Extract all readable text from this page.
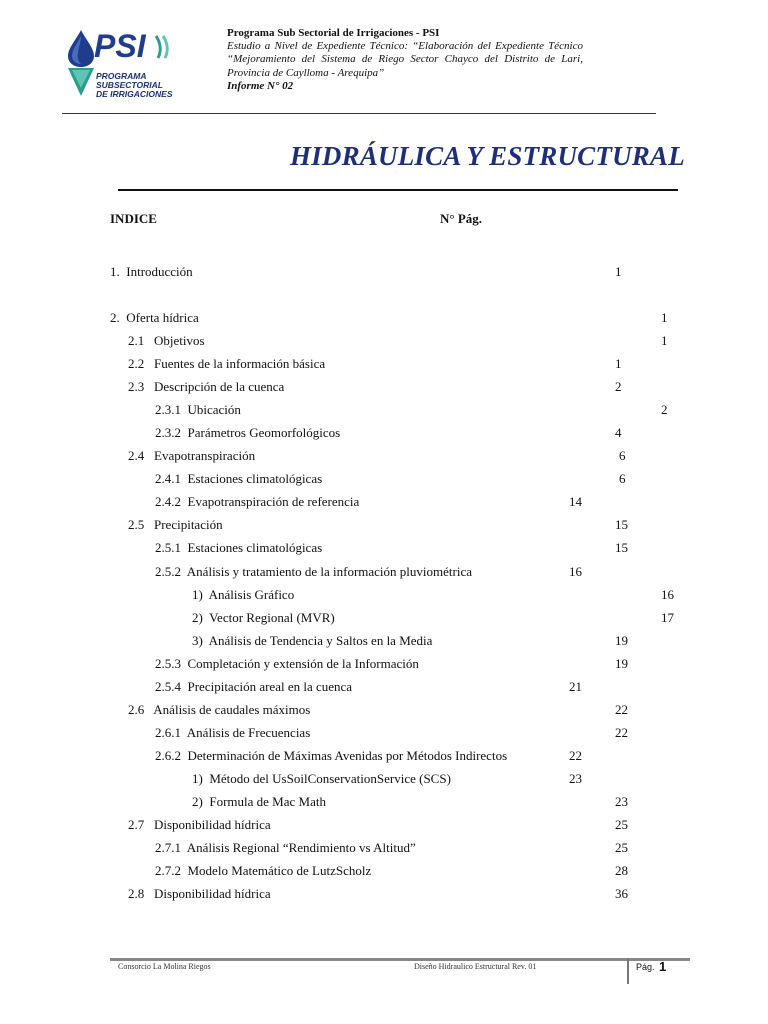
PSI
PROGRAMA
SUBSECTORIAL
DE IRRIGACIONES
Programa Sub Sectorial de Irrigaciones - PSI
Estudio a Nivel de Expediente Técnico: “Elaboración del Expediente Técnico “Mejoramiento del Sistema de Riego Sector Chayco del Distrito de Lari, Provincia de Caylloma - Arequipa”
Informe N° 02
HIDRÁULICA Y ESTRUCTURAL
INDICE	N° Pág.
1. Introducción	1
2. Oferta hídrica	1
2.1 Objetivos	1
2.2 Fuentes de la información básica	1
2.3 Descripción de la cuenca	2
2.3.1 Ubicación	2
2.3.2 Parámetros Geomorfológicos	4
2.4 Evapotranspiración	6
2.4.1 Estaciones climatológicas	6
2.4.2 Evapotranspiración de referencia	14
2.5 Precipitación	15
2.5.1 Estaciones climatológicas	15
2.5.2 Análisis y tratamiento de la información pluviométrica	16
1) Análisis Gráfico	16
2) Vector Regional (MVR)	17
3) Análisis de Tendencia y Saltos en la Media	19
2.5.3 Completación y extensión de la Información	19
2.5.4 Precipitación areal en la cuenca	21
2.6 Análisis de caudales máximos	22
2.6.1 Análisis de Frecuencias	22
2.6.2 Determinación de Máximas Avenidas por Métodos Indirectos	22
1) Método del UsSoilConservationService (SCS)	23
2) Formula de Mac Math	23
2.7 Disponibilidad hídrica	25
2.7.1 Análisis Regional “Rendimiento vs Altitud”	25
2.7.2 Modelo Matemático de LutzScholz	28
2.8 Disponibilidad hídrica	36
Consorcio La Molina Riegos	Diseño Hidraulico Estructural Rev. 01	Pág. 1
